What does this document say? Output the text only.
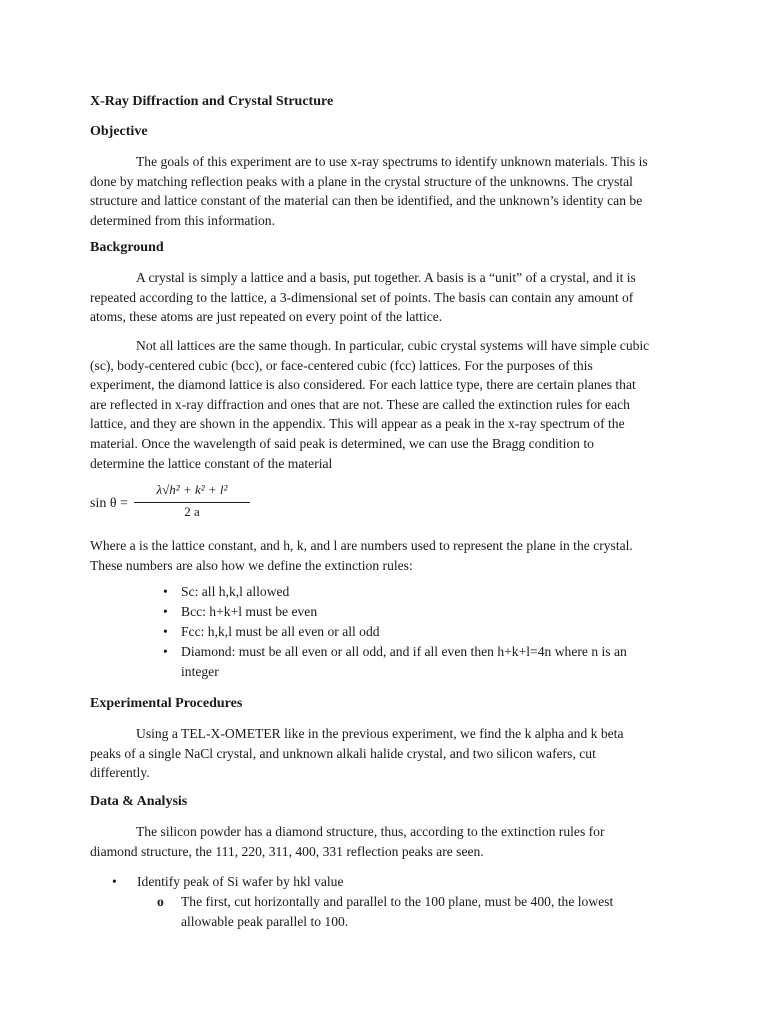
X-Ray Diffraction and Crystal Structure
Objective

The goals of this experiment are to use x-ray spectrums to identify unknown materials. This is done by matching reflection peaks with a plane in the crystal structure of the unknowns. The crystal structure and lattice constant of the material can then be identified, and the unknown’s identity can be determined from this information.

Background

A crystal is simply a lattice and a basis, put together. A basis is a “unit” of a crystal, and it is repeated according to the lattice, a 3-dimensional set of points. The basis can contain any amount of atoms, these atoms are just repeated on every point of the lattice.

Not all lattices are the same though. In particular, cubic crystal systems will have simple cubic (sc), body-centered cubic (bcc), or face-centered cubic (fcc) lattices. For the purposes of this experiment, the diamond lattice is also considered. For each lattice type, there are certain planes that are reflected in x-ray diffraction and ones that are not. These are called the extinction rules for each lattice, and they are shown in the appendix. This will appear as a peak in the x-ray spectrum of the material. Once the wavelength of said peak is determined, we can use the Bragg condition to determine the lattice constant of the material

sin θ =
λ√h² + k² + l²
2 a

Where a is the lattice constant, and h, k, and l are numbers used to represent the plane in the crystal. These numbers are also how we define the extinction rules:

• Sc: all h,k,l allowed
• Bcc: h+k+l must be even
• Fcc: h,k,l must be all even or all odd
• Diamond: must be all even or all odd, and if all even then h+k+l=4n where n is an integer
Experimental Procedures

Using a TEL-X-OMETER like in the previous experiment, we find the k alpha and k beta peaks of a single NaCl crystal, and unknown alkali halide crystal, and two silicon wafers, cut differently.

Data & Analysis

The silicon powder has a diamond structure, thus, according to the extinction rules for diamond structure, the 111, 220, 311, 400, 331 reflection peaks are seen.

• Identify peak of Si wafer by hkl value
o The first, cut horizontally and parallel to the 100 plane, must be 400, the lowest allowable peak parallel to 100.
